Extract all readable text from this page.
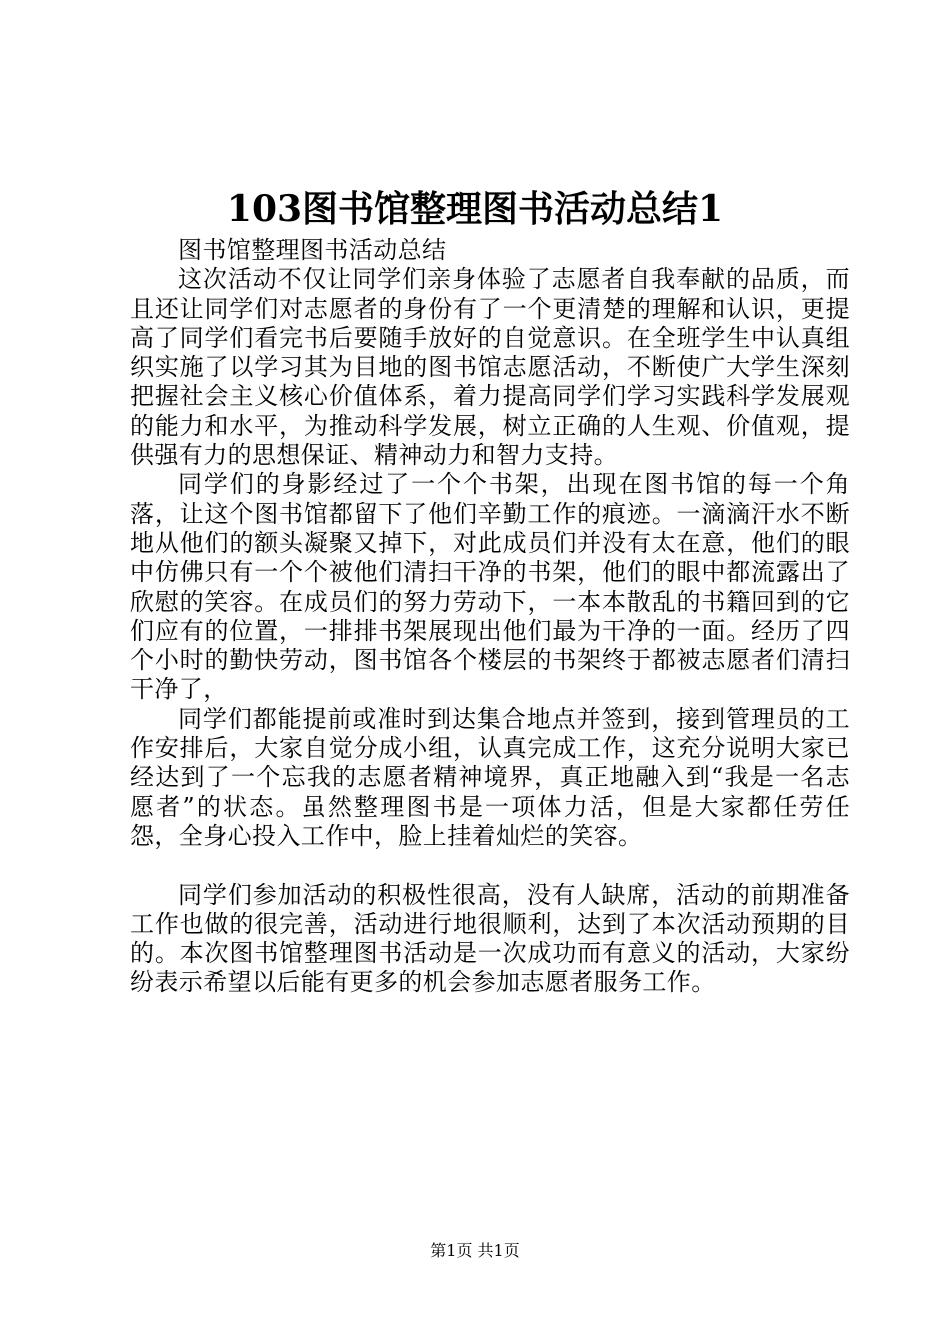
103图书馆整理图书活动总结1

图书馆整理图书活动总结

这次活动不仅让同学们亲身体验了志愿者自我奉献的品质，而且还让同学们对志愿者的身份有了一个更清楚的理解和认识，更提高了同学们看完书后要随手放好的自觉意识。在全班学生中认真组织实施了以学习其为目地的图书馆志愿活动，不断使广大学生深刻把握社会主义核心价值体系，着力提高同学们学习实践科学发展观的能力和水平，为推动科学发展，树立正确的人生观、价值观，提供强有力的思想保证、精神动力和智力支持。

同学们的身影经过了一个个书架，出现在图书馆的每一个角落，让这个图书馆都留下了他们辛勤工作的痕迹。一滴滴汗水不断地从他们的额头凝聚又掉下，对此成员们并没有太在意，他们的眼中仿佛只有一个个被他们清扫干净的书架，他们的眼中都流露出了欣慰的笑容。在成员们的努力劳动下，一本本散乱的书籍回到的它们应有的位置，一排排书架展现出他们最为干净的一面。经历了四个小时的勤快劳动，图书馆各个楼层的书架终于都被志愿者们清扫干净了，

同学们都能提前或准时到达集合地点并签到，接到管理员的工作安排后，大家自觉分成小组，认真完成工作，这充分说明大家已经达到了一个忘我的志愿者精神境界，真正地融入到“我是一名志愿者”的状态。虽然整理图书是一项体力活，但是大家都任劳任怨，全身心投入工作中，脸上挂着灿烂的笑容。

同学们参加活动的积极性很高，没有人缺席，活动的前期准备工作也做的很完善，活动进行地很顺利，达到了本次活动预期的目的。本次图书馆整理图书活动是一次成功而有意义的活动，大家纷纷表示希望以后能有更多的机会参加志愿者服务工作。

第1页 共1页
